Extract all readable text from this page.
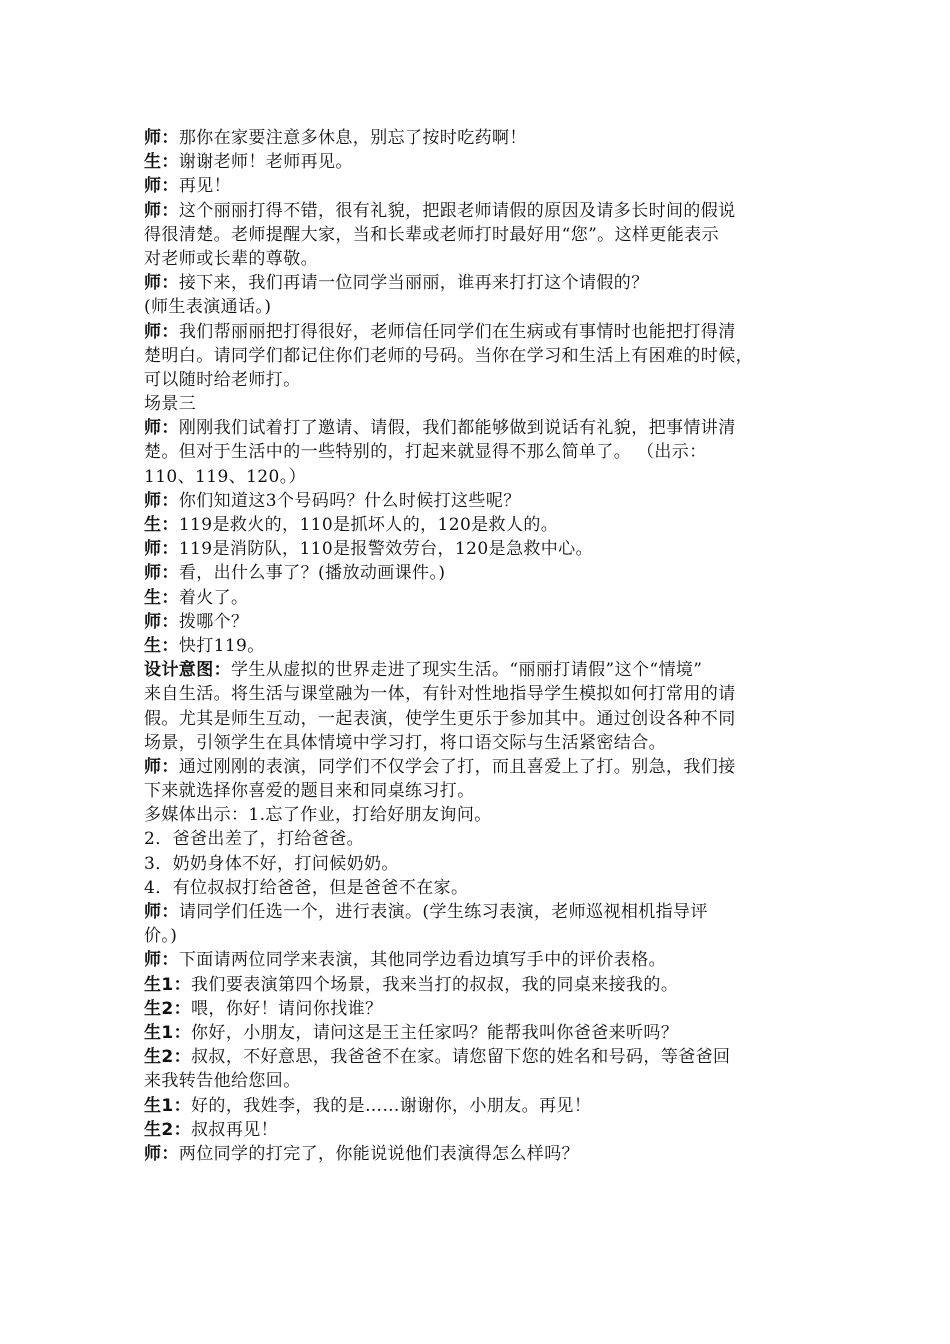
师：那你在家要注意多休息，别忘了按时吃药啊！
生：谢谢老师！老师再见。
师：再见！
师：这个丽丽打得不错，很有礼貌，把跟老师请假的原因及请多长时间的假说
得很清楚。老师提醒大家，当和长辈或老师打时最好用“您”。这样更能表示
对老师或长辈的尊敬。
师：接下来，我们再请一位同学当丽丽，谁再来打打这个请假的？
(师生表演通话。)
师：我们帮丽丽把打得很好，老师信任同学们在生病或有事情时也能把打得清
楚明白。请同学们都记住你们老师的号码。当你在学习和生活上有困难的时候，
可以随时给老师打。
场景三
师：刚刚我们试着打了邀请、请假，我们都能够做到说话有礼貌，把事情讲清
楚。但对于生活中的一些特别的，打起来就显得不那么简单了。 （出示：
110、119、120。）
师：你们知道这3个号码吗？什么时候打这些呢？
生：119是救火的，110是抓坏人的，120是救人的。
师：119是消防队，110是报警效劳台，120是急救中心。
师：看，出什么事了？(播放动画课件。)
生：着火了。
师：拨哪个？
生：快打119。
设计意图：学生从虚拟的世界走进了现实生活。“丽丽打请假”这个“情境”
来自生活。将生活与课堂融为一体，有针对性地指导学生模拟如何打常用的请
假。尤其是师生互动，一起表演，使学生更乐于参加其中。通过创设各种不同
场景，引领学生在具体情境中学习打，将口语交际与生活紧密结合。
师：通过刚刚的表演，同学们不仅学会了打，而且喜爱上了打。别急，我们接
下来就选择你喜爱的题目来和同桌练习打。
多媒体出示：1.忘了作业，打给好朋友询问。
2．爸爸出差了，打给爸爸。
3．奶奶身体不好，打问候奶奶。
4．有位叔叔打给爸爸，但是爸爸不在家。
师：请同学们任选一个，进行表演。(学生练习表演，老师巡视相机指导评
价。)
师：下面请两位同学来表演，其他同学边看边填写手中的评价表格。
生1：我们要表演第四个场景，我来当打的叔叔，我的同桌来接我的。
生2：喂，你好！请问你找谁？
生1：你好，小朋友，请问这是王主任家吗？能帮我叫你爸爸来听吗？
生2：叔叔，不好意思，我爸爸不在家。请您留下您的姓名和号码，等爸爸回
来我转告他给您回。
生1：好的，我姓李，我的是……谢谢你，小朋友。再见！
生2：叔叔再见！
师：两位同学的打完了，你能说说他们表演得怎么样吗？
